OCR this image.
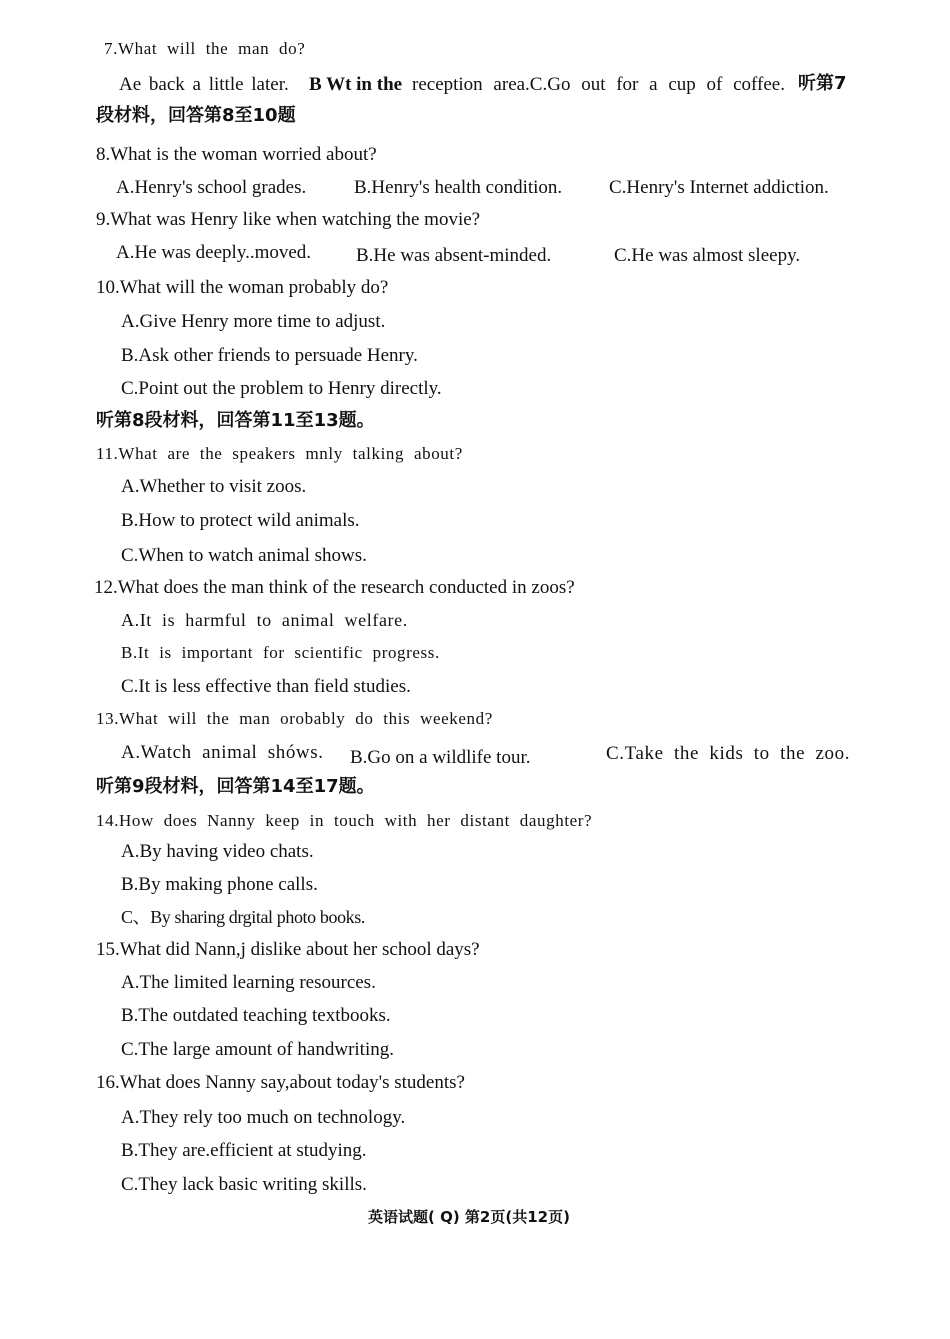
7.What will the man do?
Ae back a little later. B Wt in the reception area.C.Go out for a cup of coffee. 听第7
段材料，回答第8至10题
8.What is the woman worried about?
A.Henry's school grades.	B.Henry's health condition. C.Henry's Internet addiction.
9.What was Henry like when watching the movie?
A.He was deeply..moved. B.He was absent-minded.	C.He was almost sleepy.
10.What will the woman probably do?
A.Give Henry more time to adjust.
B.Ask other friends to persuade Henry.
C.Point out the problem to Henry directly.
听第8段材料，回答第11至13题。
11.What are the speakers mnly talking about?
A.Whether to visit zoos.
B.How to protect wild animals.
C.When to watch animal shows.
12.What does the man think of the research conducted in zoos?
A.It is harmful to animal welfare.
B.It is important for scientific progress.
C.It is less effective than field studies.
13.What will the man orobably do this weekend?
A.Watch animal shóws. B.Go on a wildlife tour.	C.Take the kids to the zoo.
听第9段材料，回答第14至17题。
14.How does Nanny keep in touch with her distant daughter?
A.By having video chats.
B.By making phone calls.
C、By sharing drgital photo books.
15.What did Nann,j dislike about her school days?
A.The limited learning resources.
B.The outdated teaching textbooks.
C.The large amount of handwriting.
16.What does Nanny say,about today's students?
A.They rely too much on technology.
B.They are.efficient at studying.
C.They lack basic writing skills.
英语试题( Q) 第2页(共12页)
